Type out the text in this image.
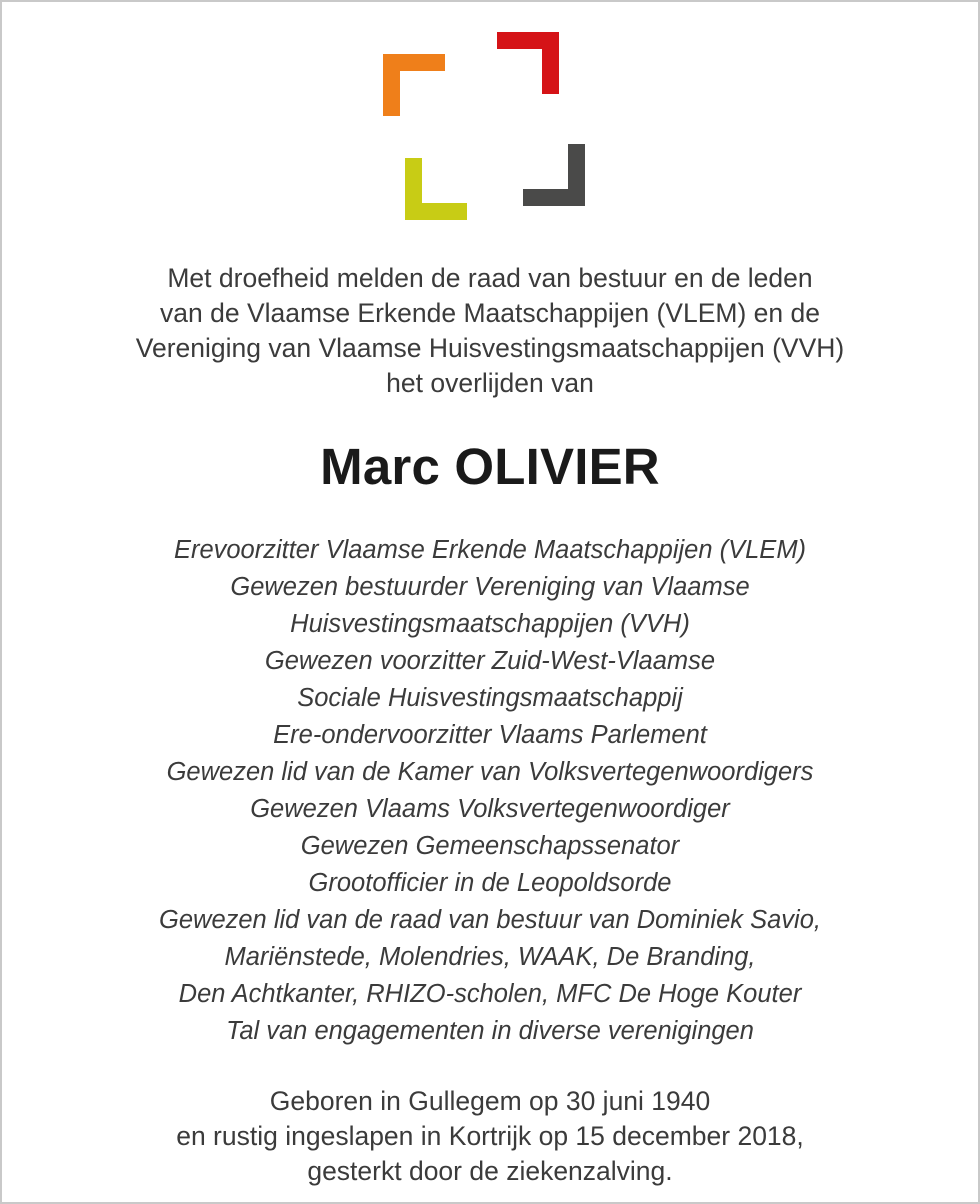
Met droefheid melden de raad van bestuur en de leden
van de Vlaamse Erkende Maatschappijen (VLEM) en de
Vereniging van Vlaamse Huisvestingsmaatschappijen (VVH)
het overlijden van
Marc OLIVIER
Erevoorzitter Vlaamse Erkende Maatschappijen (VLEM)
Gewezen bestuurder Vereniging van Vlaamse
Huisvestingsmaatschappijen (VVH)
Gewezen voorzitter Zuid-West-Vlaamse
Sociale Huisvestingsmaatschappij
Ere-ondervoorzitter Vlaams Parlement
Gewezen lid van de Kamer van Volksvertegenwoordigers
Gewezen Vlaams Volksvertegenwoordiger
Gewezen Gemeenschapssenator
Grootofficier in de Leopoldsorde
Gewezen lid van de raad van bestuur van Dominiek Savio,
Mariënstede, Molendries, WAAK, De Branding,
Den Achtkanter, RHIZO-scholen, MFC De Hoge Kouter
Tal van engagementen in diverse verenigingen
Geboren in Gullegem op 30 juni 1940
en rustig ingeslapen in Kortrijk op 15 december 2018,
gesterkt door de ziekenzalving.
